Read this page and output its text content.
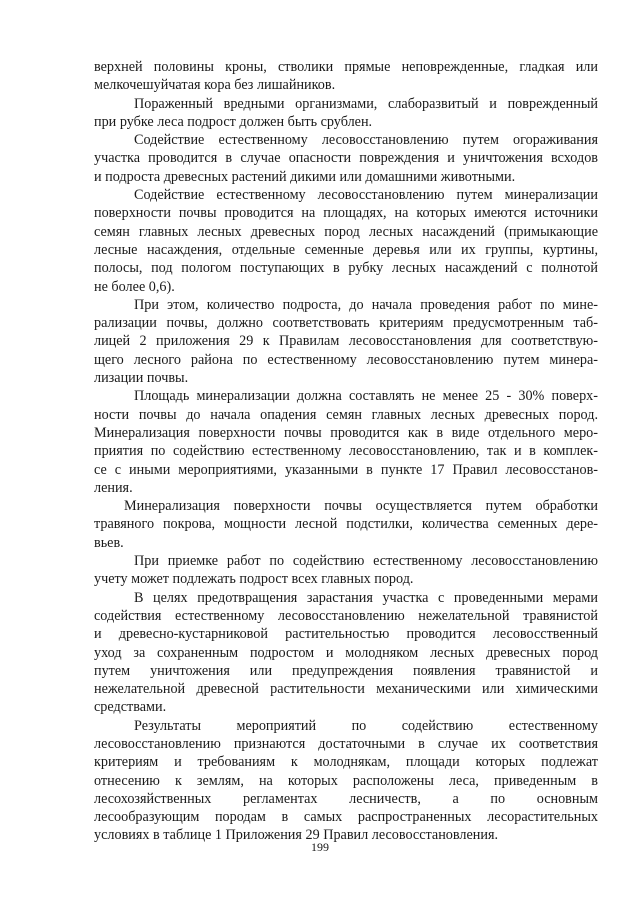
верхней половины кроны, стволики прямые неповрежденные, гладкая или
мелкочешуйчатая кора без лишайников.
Пораженный вредными организмами, слаборазвитый и поврежденный
при рубке леса подрост должен быть срублен.
Содействие естественному лесовосстановлению путем огораживания
участка проводится в случае опасности повреждения и уничтожения всходов
и подроста древесных растений дикими или домашними животными.
Содействие естественному лесовосстановлению путем минерализации
поверхности почвы проводится на площадях, на которых имеются источники
семян главных лесных древесных пород лесных насаждений (примыкающие
лесные насаждения, отдельные семенные деревья или их группы, куртины,
полосы, под пологом поступающих в рубку лесных насаждений с полнотой
не более 0,6).
При этом, количество подроста, до начала проведения работ по мине-
рализации почвы, должно соответствовать критериям предусмотренным таб-
лицей 2 приложения 29 к Правилам лесовосстановления для соответствую-
щего лесного района по естественному лесовосстановлению путем минера-
лизации почвы.
Площадь минерализации должна составлять не менее 25 - 30% поверх-
ности почвы до начала опадения семян главных лесных древесных пород.
Минерализация поверхности почвы проводится как в виде отдельного меро-
приятия по содействию естественному лесовосстановлению, так и в комплек-
се с иными мероприятиями, указанными в пункте 17 Правил лесовосстанов-
ления.
Минерализация поверхности почвы осуществляется путем обработки
травяного покрова, мощности лесной подстилки, количества семенных дере-
вьев.
При приемке работ по содействию естественному лесовосстановлению
учету может подлежать подрост всех главных пород.
В целях предотвращения зарастания участка с проведенными мерами
содействия естественному лесовосстановлению нежелательной травянистой
и древесно-кустарниковой растительностью проводится лесовосственный
уход за сохраненным подростом и молодняком лесных древесных пород
путем уничтожения или предупреждения появления травянистой и
нежелательной древесной растительности механическими или химическими
средствами.
Результаты мероприятий по содействию естественному
лесовосстановлению признаются достаточными в случае их соответствия
критериям и требованиям к молоднякам, площади которых подлежат
отнесению к землям, на которых расположены леса, приведенным в
лесохозяйственных регламентах лесничеств, а по основным
лесообразующим породам в самых распространенных лесорастительных
условиях в таблице 1 Приложения 29 Правил лесовосстановления.
199
